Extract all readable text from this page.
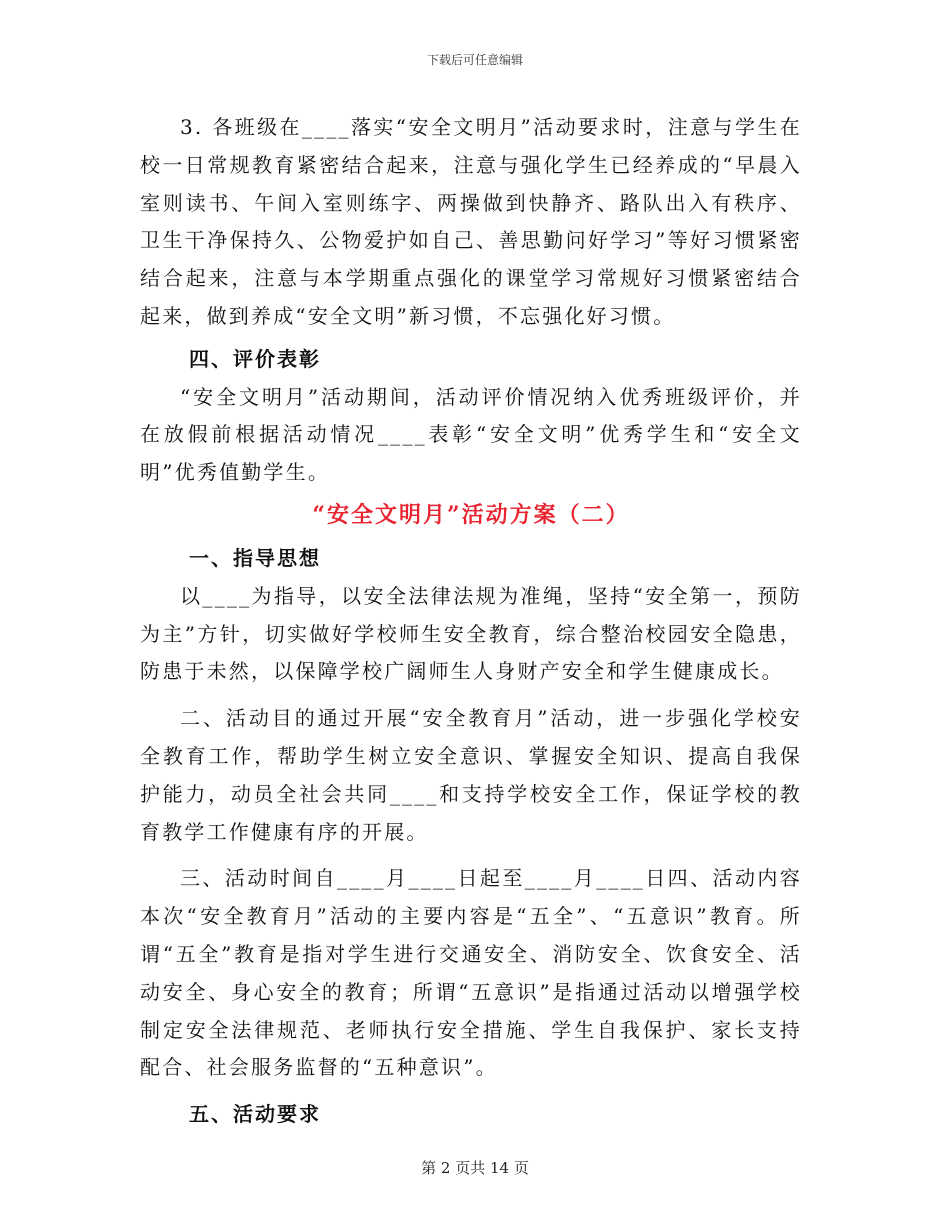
下载后可任意编辑

3. 各班级在____落实“安全文明月”活动要求时，注意与学生在校一日常规教育紧密结合起来，注意与强化学生已经养成的“早晨入室则读书、午间入室则练字、两操做到快静齐、路队出入有秩序、卫生干净保持久、公物爱护如自己、善思勤问好学习”等好习惯紧密结合起来，注意与本学期重点强化的课堂学习常规好习惯紧密结合起来，做到养成“安全文明”新习惯，不忘强化好习惯。

四、评价表彰

“安全文明月”活动期间，活动评价情况纳入优秀班级评价，并在放假前根据活动情况____表彰“安全文明”优秀学生和“安全文明”优秀值勤学生。

“安全文明月”活动方案（二）

一、指导思想

以____为指导，以安全法律法规为准绳，坚持“安全第一，预防为主”方针，切实做好学校师生安全教育，综合整治校园安全隐患，防患于未然，以保障学校广阔师生人身财产安全和学生健康成长。

二、活动目的通过开展“安全教育月”活动，进一步强化学校安全教育工作，帮助学生树立安全意识、掌握安全知识、提高自我保护能力，动员全社会共同____和支持学校安全工作，保证学校的教育教学工作健康有序的开展。

三、活动时间自____月____日起至____月____日四、活动内容本次“安全教育月”活动的主要内容是“五全”、“五意识”教育。所谓“五全”教育是指对学生进行交通安全、消防安全、饮食安全、活动安全、身心安全的教育；所谓“五意识”是指通过活动以增强学校制定安全法律规范、老师执行安全措施、学生自我保护、家长支持配合、社会服务监督的“五种意识”。

五、活动要求

第 2 页共 14 页
